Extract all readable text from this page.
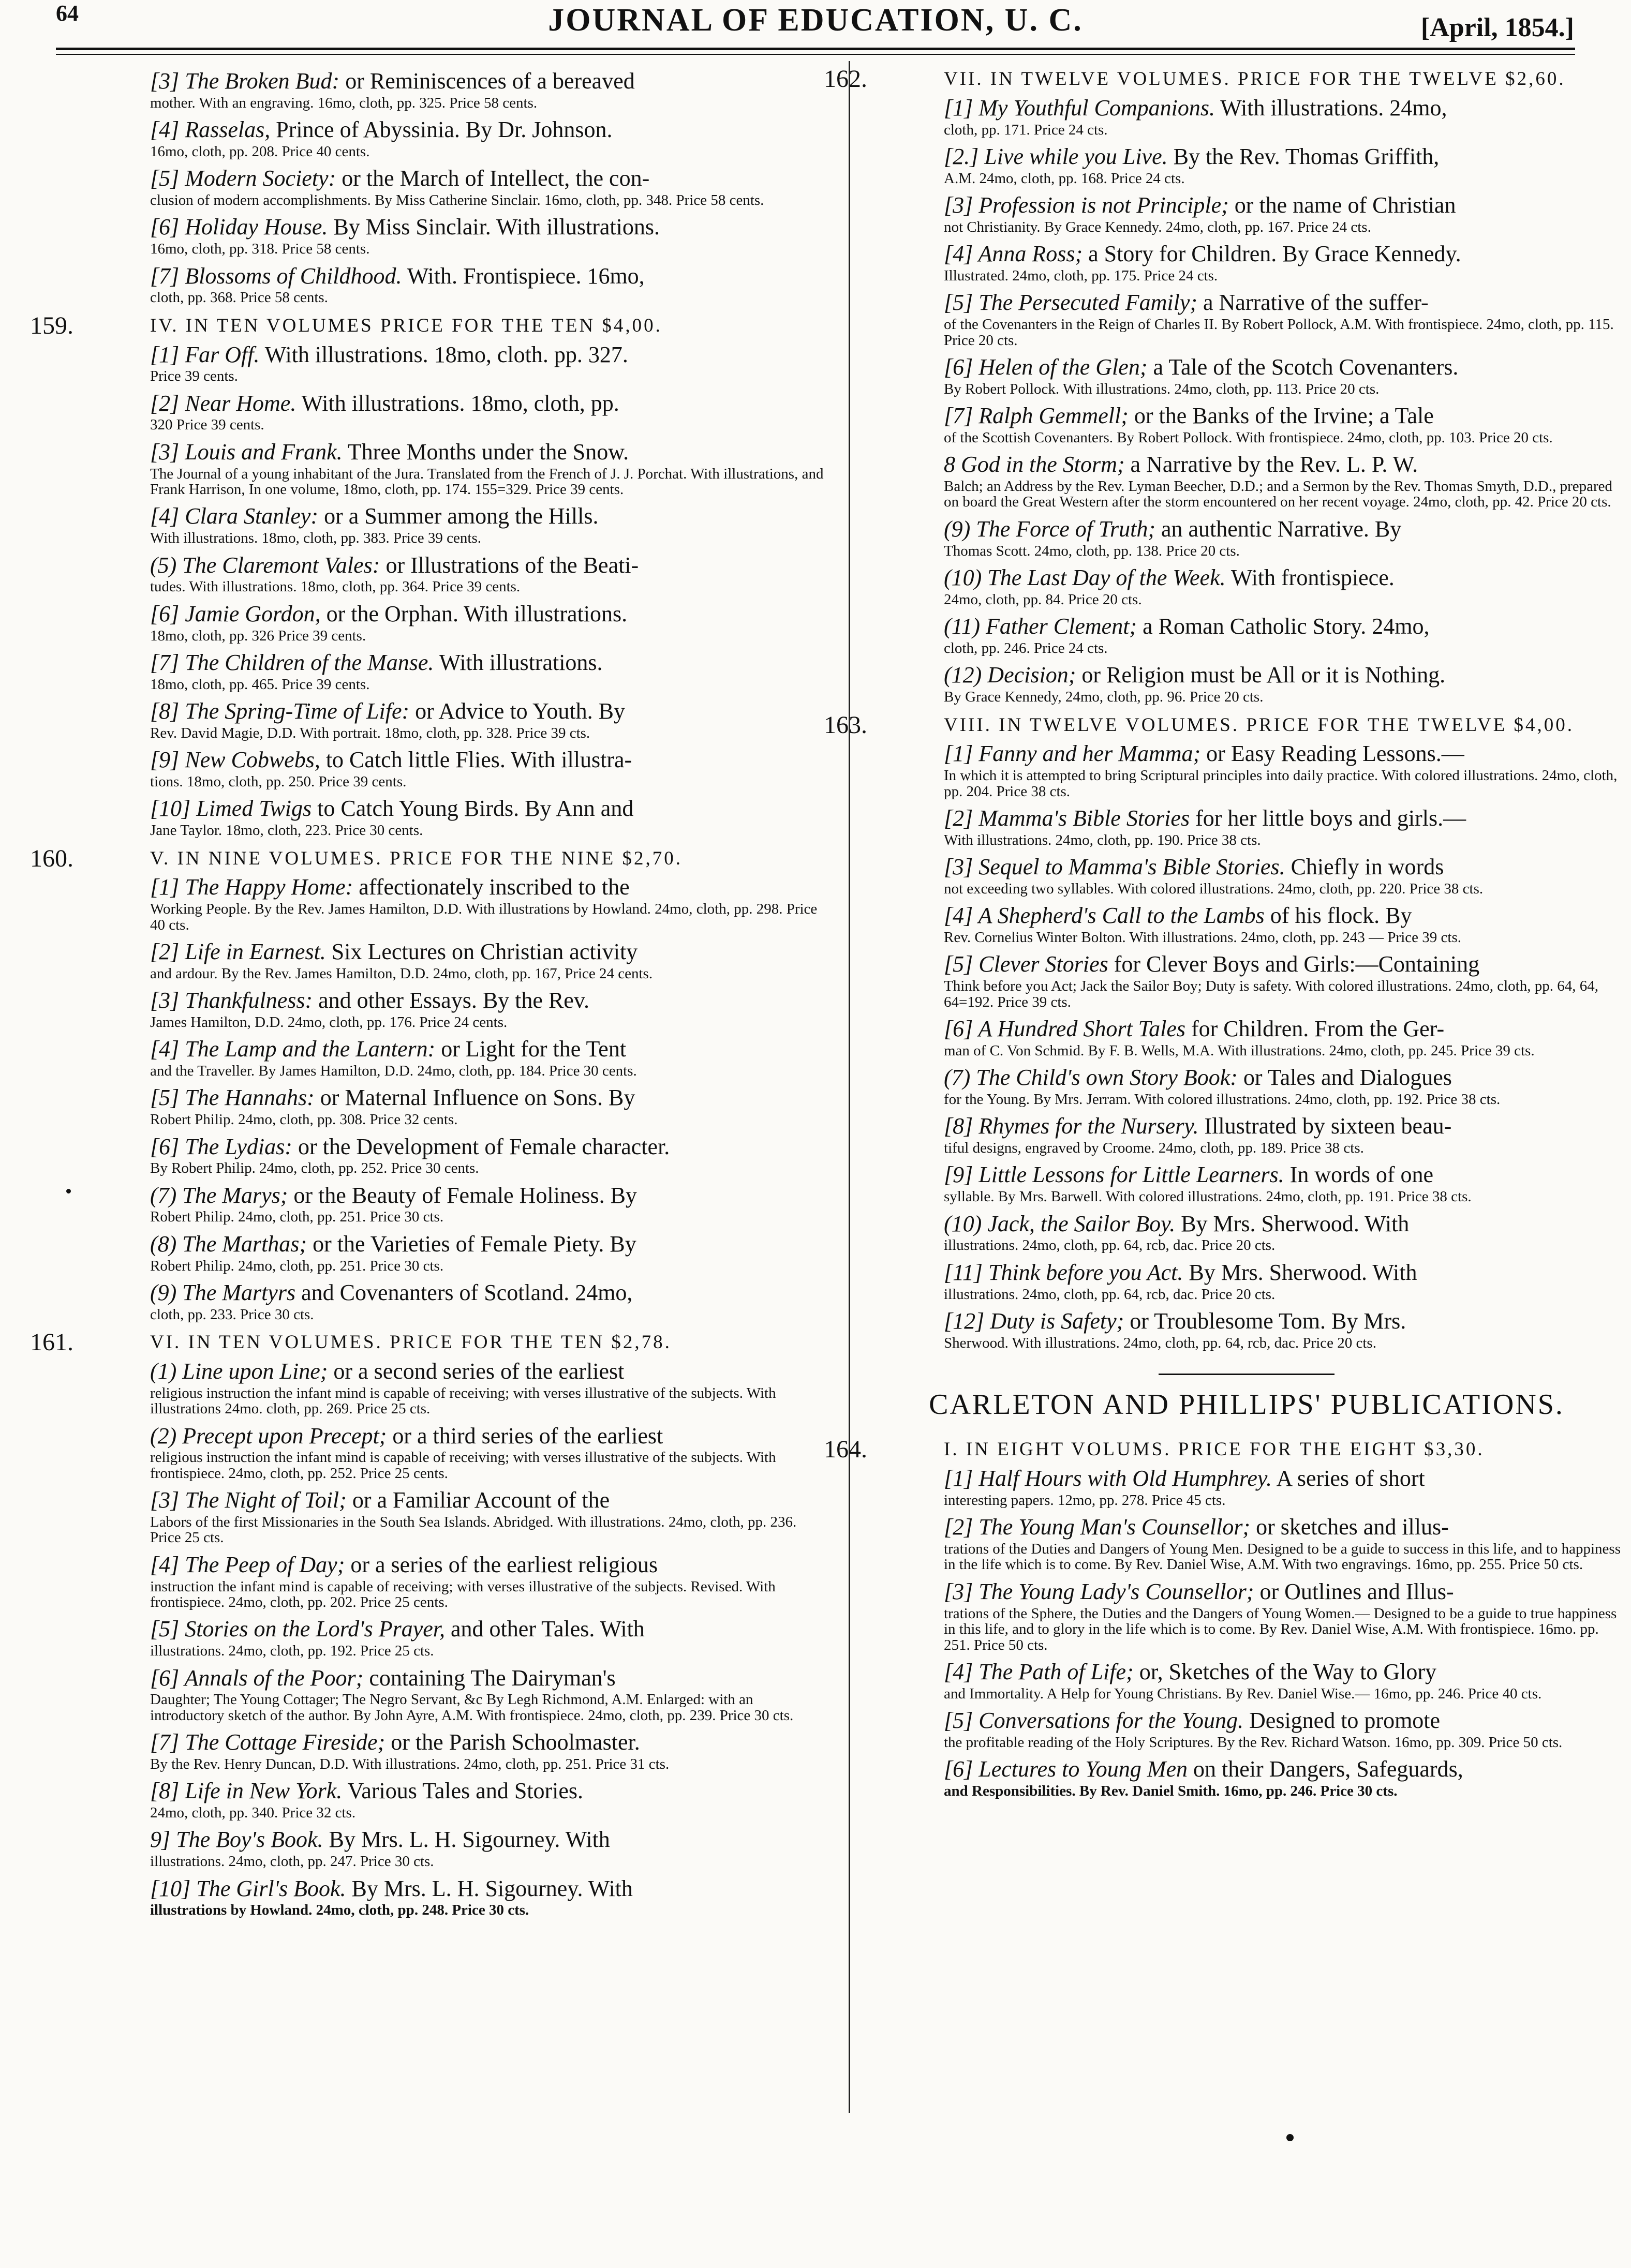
64	JOURNAL OF EDUCATION, U. C.	[April, 1854.]
[3] The Broken Bud: or Reminiscences of a bereaved
mother. With an engraving. 16mo, cloth, pp. 325. Price 58 cents.
[4] Rasselas, Prince of Abyssinia. By Dr. Johnson.
16mo, cloth, pp. 208. Price 40 cents.
[5] Modern Society: or the March of Intellect, the con-
clusion of modern accomplishments. By Miss Catherine Sinclair. 16mo, cloth, pp. 348. Price 58 cents.
[6] Holiday House. By Miss Sinclair. With illustrations.
16mo, cloth, pp. 318. Price 58 cents.
[7] Blossoms of Childhood. With. Frontispiece. 16mo,
cloth, pp. 368. Price 58 cents.
159.	IV. IN TEN VOLUMES PRICE FOR THE TEN $4,00.
[1] Far Off. With illustrations. 18mo, cloth. pp. 327.
Price 39 cents.
[2] Near Home. With illustrations. 18mo, cloth, pp.
320 Price 39 cents.
[3] Louis and Frank. Three Months under the Snow.
The Journal of a young inhabitant of the Jura. Translated from the French of J. J. Porchat. With illustrations, and Frank Harrison, In one volume, 18mo, cloth, pp. 174. 155=329. Price 39 cents.
[4] Clara Stanley: or a Summer among the Hills.
With illustrations. 18mo, cloth, pp. 383. Price 39 cents.
(5) The Claremont Vales: or Illustrations of the Beati-
tudes. With illustrations. 18mo, cloth, pp. 364. Price 39 cents.
[6] Jamie Gordon, or the Orphan. With illustrations.
18mo, cloth, pp. 326 Price 39 cents.
[7] The Children of the Manse. With illustrations.
18mo, cloth, pp. 465. Price 39 cents.
[8] The Spring-Time of Life: or Advice to Youth. By
Rev. David Magie, D.D. With portrait. 18mo, cloth, pp. 328. Price 39 cts.
[9] New Cobwebs, to Catch little Flies. With illustra-
tions. 18mo, cloth, pp. 250. Price 39 cents.
[10] Limed Twigs to Catch Young Birds. By Ann and
Jane Taylor. 18mo, cloth, 223. Price 30 cents.
160.	V. IN NINE VOLUMES. PRICE FOR THE NINE $2,70.
[1] The Happy Home: affectionately inscribed to the
Working People. By the Rev. James Hamilton, D.D. With illustrations by Howland. 24mo, cloth, pp. 298. Price 40 cts.
[2] Life in Earnest. Six Lectures on Christian activity
and ardour. By the Rev. James Hamilton, D.D. 24mo, cloth, pp. 167, Price 24 cents.
[3] Thankfulness: and other Essays. By the Rev.
James Hamilton, D.D. 24mo, cloth, pp. 176. Price 24 cents.
[4] The Lamp and the Lantern: or Light for the Tent
and the Traveller. By James Hamilton, D.D. 24mo, cloth, pp. 184. Price 30 cents.
[5] The Hannahs: or Maternal Influence on Sons. By
Robert Philip. 24mo, cloth, pp. 308. Price 32 cents.
[6] The Lydias: or the Development of Female character.
By Robert Philip. 24mo, cloth, pp. 252. Price 30 cents.
(7) The Marys; or the Beauty of Female Holiness. By
Robert Philip. 24mo, cloth, pp. 251. Price 30 cts.
(8) The Marthas; or the Varieties of Female Piety. By
Robert Philip. 24mo, cloth, pp. 251. Price 30 cts.
(9) The Martyrs and Covenanters of Scotland. 24mo,
cloth, pp. 233. Price 30 cts.
161.	VI. IN TEN VOLUMES. PRICE FOR THE TEN $2,78.
(1) Line upon Line; or a second series of the earliest
religious instruction the infant mind is capable of receiving; with verses illustrative of the subjects. With illustrations 24mo. cloth, pp. 269. Price 25 cts.
(2) Precept upon Precept; or a third series of the earliest
religious instruction the infant mind is capable of receiving; with verses illustrative of the subjects. With frontispiece. 24mo, cloth, pp. 252. Price 25 cents.
[3] The Night of Toil; or a Familiar Account of the
Labors of the first Missionaries in the South Sea Islands. Abridged. With illustrations. 24mo, cloth, pp. 236. Price 25 cts.
[4] The Peep of Day; or a series of the earliest religious
instruction the infant mind is capable of receiving; with verses illustrative of the subjects. Revised. With frontispiece. 24mo, cloth, pp. 202. Price 25 cents.
[5] Stories on the Lord's Prayer, and other Tales. With
illustrations. 24mo, cloth, pp. 192. Price 25 cts.
[6] Annals of the Poor; containing The Dairyman's
Daughter; The Young Cottager; The Negro Servant, &c By Legh Richmond, A.M. Enlarged: with an introductory sketch of the author. By John Ayre, A.M. With frontispiece. 24mo, cloth, pp. 239. Price 30 cts.
[7] The Cottage Fireside; or the Parish Schoolmaster.
By the Rev. Henry Duncan, D.D. With illustrations. 24mo, cloth, pp. 251. Price 31 cts.
[8] Life in New York. Various Tales and Stories.
24mo, cloth, pp. 340. Price 32 cts.
9] The Boy's Book. By Mrs. L. H. Sigourney. With
illustrations. 24mo, cloth, pp. 247. Price 30 cts.
[10] The Girl's Book. By Mrs. L. H. Sigourney. With
illustrations by Howland. 24mo, cloth, pp. 248. Price 30 cts.
162.	VII. IN TWELVE VOLUMES. PRICE FOR THE TWELVE $2,60.
[1] My Youthful Companions. With illustrations. 24mo,
cloth, pp. 171. Price 24 cts.
[2.] Live while you Live. By the Rev. Thomas Griffith,
A.M. 24mo, cloth, pp. 168. Price 24 cts.
[3] Profession is not Principle; or the name of Christian
not Christianity. By Grace Kennedy. 24mo, cloth, pp. 167. Price 24 cts.
[4] Anna Ross; a Story for Children. By Grace Kennedy.
Illustrated. 24mo, cloth, pp. 175. Price 24 cts.
[5] The Persecuted Family; a Narrative of the suffer-
of the Covenanters in the Reign of Charles II. By Robert Pollock, A.M. With frontispiece. 24mo, cloth, pp. 115. Price 20 cts.
[6] Helen of the Glen; a Tale of the Scotch Covenanters.
By Robert Pollock. With illustrations. 24mo, cloth, pp. 113. Price 20 cts.
[7] Ralph Gemmell; or the Banks of the Irvine; a Tale
of the Scottish Covenanters. By Robert Pollock. With frontispiece. 24mo, cloth, pp. 103. Price 20 cts.
8 God in the Storm; a Narrative by the Rev. L. P. W.
Balch; an Address by the Rev. Lyman Beecher, D.D.; and a Sermon by the Rev. Thomas Smyth, D.D., prepared on board the Great Western after the storm encountered on her recent voyage. 24mo, cloth, pp. 42. Price 20 cts.
(9) The Force of Truth; an authentic Narrative. By
Thomas Scott. 24mo, cloth, pp. 138. Price 20 cts.
(10) The Last Day of the Week. With frontispiece.
24mo, cloth, pp. 84. Price 20 cts.
(11) Father Clement; a Roman Catholic Story. 24mo,
cloth, pp. 246. Price 24 cts.
(12) Decision; or Religion must be All or it is Nothing.
By Grace Kennedy, 24mo, cloth, pp. 96. Price 20 cts.
163.	VIII. IN TWELVE VOLUMES. PRICE FOR THE TWELVE $4,00.
[1] Fanny and her Mamma; or Easy Reading Lessons.—
In which it is attempted to bring Scriptural principles into daily practice. With colored illustrations. 24mo, cloth, pp. 204. Price 38 cts.
[2] Mamma's Bible Stories for her little boys and girls.—
With illustrations. 24mo, cloth, pp. 190. Price 38 cts.
[3] Sequel to Mamma's Bible Stories. Chiefly in words
not exceeding two syllables. With colored illustrations. 24mo, cloth, pp. 220. Price 38 cts.
[4] A Shepherd's Call to the Lambs of his flock. By
Rev. Cornelius Winter Bolton. With illustrations. 24mo, cloth, pp. 243 — Price 39 cts.
[5] Clever Stories for Clever Boys and Girls:—Containing
Think before you Act; Jack the Sailor Boy; Duty is safety. With colored illustrations. 24mo, cloth, pp. 64, 64, 64=192. Price 39 cts.
[6] A Hundred Short Tales for Children. From the Ger-
man of C. Von Schmid. By F. B. Wells, M.A. With illustrations. 24mo, cloth, pp. 245. Price 39 cts.
(7) The Child's own Story Book: or Tales and Dialogues
for the Young. By Mrs. Jerram. With colored illustrations. 24mo, cloth, pp. 192. Price 38 cts.
[8] Rhymes for the Nursery. Illustrated by sixteen beau-
tiful designs, engraved by Croome. 24mo, cloth, pp. 189. Price 38 cts.
[9] Little Lessons for Little Learners. In words of one
syllable. By Mrs. Barwell. With colored illustrations. 24mo, cloth, pp. 191. Price 38 cts.
(10) Jack, the Sailor Boy. By Mrs. Sherwood. With
illustrations. 24mo, cloth, pp. 64, rcb, dac. Price 20 cts.
[11] Think before you Act. By Mrs. Sherwood. With
illustrations. 24mo, cloth, pp. 64, rcb, dac. Price 20 cts.
[12] Duty is Safety; or Troublesome Tom. By Mrs.
Sherwood. With illustrations. 24mo, cloth, pp. 64, rcb, dac. Price 20 cts.
CARLETON AND PHILLIPS' PUBLICATIONS.
164.	I. IN EIGHT VOLUMS. PRICE FOR THE EIGHT $3,30.
[1] Half Hours with Old Humphrey. A series of short
interesting papers. 12mo, pp. 278. Price 45 cts.
[2] The Young Man's Counsellor; or sketches and illus-
trations of the Duties and Dangers of Young Men. Designed to be a guide to success in this life, and to happiness in the life which is to come. By Rev. Daniel Wise, A.M. With two engravings. 16mo, pp. 255. Price 50 cts.
[3] The Young Lady's Counsellor; or Outlines and Illus-
trations of the Sphere, the Duties and the Dangers of Young Women.— Designed to be a guide to true happiness in this life, and to glory in the life which is to come. By Rev. Daniel Wise, A.M. With frontispiece. 16mo. pp. 251. Price 50 cts.
[4] The Path of Life; or, Sketches of the Way to Glory
and Immortality. A Help for Young Christians. By Rev. Daniel Wise.— 16mo, pp. 246. Price 40 cts.
[5] Conversations for the Young. Designed to promote
the profitable reading of the Holy Scriptures. By the Rev. Richard Watson. 16mo, pp. 309. Price 50 cts.
[6] Lectures to Young Men on their Dangers, Safeguards,
and Responsibilities. By Rev. Daniel Smith. 16mo, pp. 246. Price 30 cts.
